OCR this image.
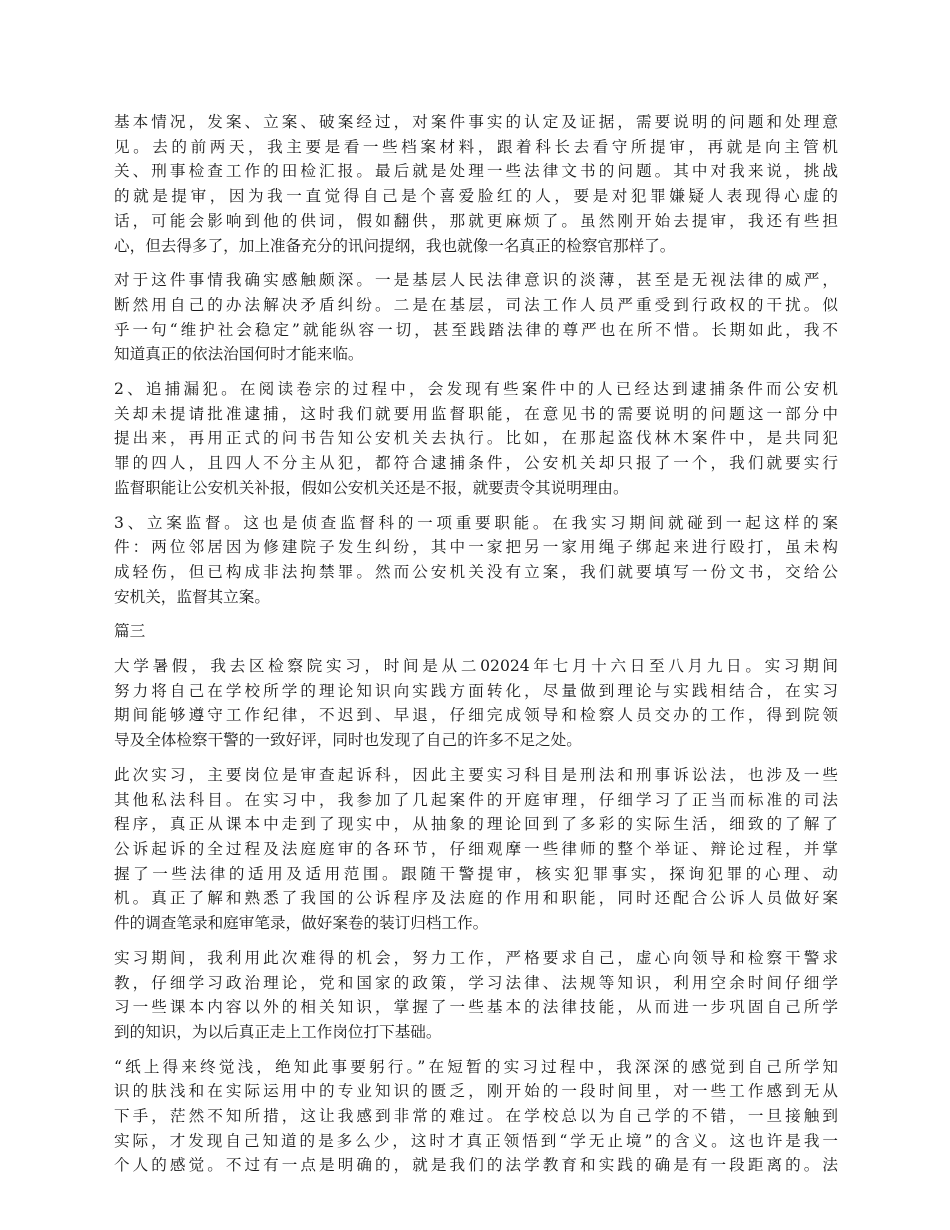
基本情况，发案、立案、破案经过，对案件事实的认定及证据，需要说明的问题和处理意
见。去的前两天，我主要是看一些档案材料，跟着科长去看守所提审，再就是向主管机
关、刑事检查工作的田检汇报。最后就是处理一些法律文书的问题。其中对我来说，挑战
的就是提审，因为我一直觉得自己是个喜爱脸红的人，要是对犯罪嫌疑人表现得心虚的
话，可能会影响到他的供词，假如翻供，那就更麻烦了。虽然刚开始去提审，我还有些担
心，但去得多了，加上准备充分的讯问提纲，我也就像一名真正的检察官那样了。
对于这件事情我确实感触颇深。一是基层人民法律意识的淡薄，甚至是无视法律的威严，
断然用自己的办法解决矛盾纠纷。二是在基层，司法工作人员严重受到行政权的干扰。似
乎一句“维护社会稳定”就能纵容一切，甚至践踏法律的尊严也在所不惜。长期如此，我不
知道真正的依法治国何时才能来临。
2、追捕漏犯。在阅读卷宗的过程中，会发现有些案件中的人已经达到逮捕条件而公安机
关却未提请批准逮捕，这时我们就要用监督职能，在意见书的需要说明的问题这一部分中
提出来，再用正式的问书告知公安机关去执行。比如，在那起盗伐林木案件中，是共同犯
罪的四人，且四人不分主从犯，都符合逮捕条件，公安机关却只报了一个，我们就要实行
监督职能让公安机关补报，假如公安机关还是不报，就要责令其说明理由。
3、立案监督。这也是侦查监督科的一项重要职能。在我实习期间就碰到一起这样的案
件：两位邻居因为修建院子发生纠纷，其中一家把另一家用绳子绑起来进行殴打，虽未构
成轻伤，但已构成非法拘禁罪。然而公安机关没有立案，我们就要填写一份文书，交给公
安机关，监督其立案。
篇三
大学暑假，我去区检察院实习，时间是从二02024年七月十六日至八月九日。实习期间
努力将自己在学校所学的理论知识向实践方面转化，尽量做到理论与实践相结合，在实习
期间能够遵守工作纪律，不迟到、早退，仔细完成领导和检察人员交办的工作，得到院领
导及全体检察干警的一致好评，同时也发现了自己的许多不足之处。
此次实习，主要岗位是审查起诉科，因此主要实习科目是刑法和刑事诉讼法，也涉及一些
其他私法科目。在实习中，我参加了几起案件的开庭审理，仔细学习了正当而标准的司法
程序，真正从课本中走到了现实中，从抽象的理论回到了多彩的实际生活，细致的了解了
公诉起诉的全过程及法庭庭审的各环节，仔细观摩一些律师的整个举证、辩论过程，并掌
握了一些法律的适用及适用范围。跟随干警提审，核实犯罪事实，探询犯罪的心理、动
机。真正了解和熟悉了我国的公诉程序及法庭的作用和职能，同时还配合公诉人员做好案
件的调查笔录和庭审笔录，做好案卷的装订归档工作。
实习期间，我利用此次难得的机会，努力工作，严格要求自己，虚心向领导和检察干警求
教，仔细学习政治理论，党和国家的政策，学习法律、法规等知识，利用空余时间仔细学
习一些课本内容以外的相关知识，掌握了一些基本的法律技能，从而进一步巩固自己所学
到的知识，为以后真正走上工作岗位打下基础。
“纸上得来终觉浅，绝知此事要躬行。”在短暂的实习过程中，我深深的感觉到自己所学知
识的肤浅和在实际运用中的专业知识的匮乏，刚开始的一段时间里，对一些工作感到无从
下手，茫然不知所措，这让我感到非常的难过。在学校总以为自己学的不错，一旦接触到
实际，才发现自己知道的是多么少，这时才真正领悟到“学无止境”的含义。这也许是我一
个人的感觉。不过有一点是明确的，就是我们的法学教育和实践的确是有一段距离的。法
